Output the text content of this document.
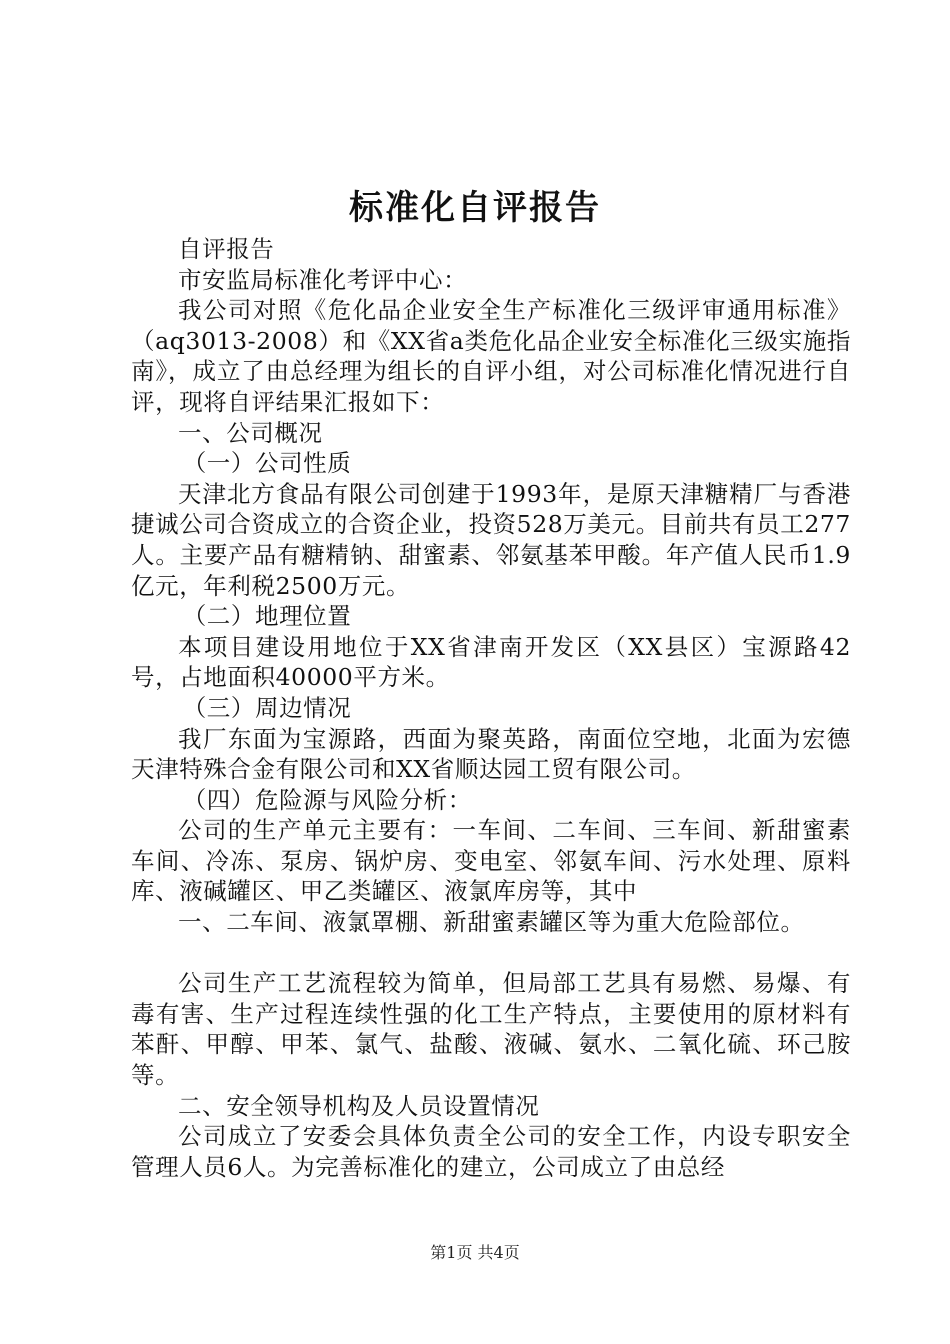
标准化自评报告

自评报告

市安监局标准化考评中心：

我公司对照《危化品企业安全生产标准化三级评审通用标准》（aq3013-2008）和《XX省a类危化品企业安全标准化三级实施指南》，成立了由总经理为组长的自评小组，对公司标准化情况进行自评，现将自评结果汇报如下：

一、公司概况

（一）公司性质

天津北方食品有限公司创建于1993年，是原天津糖精厂与香港捷诚公司合资成立的合资企业，投资528万美元。目前共有员工277人。主要产品有糖精钠、甜蜜素、邻氨基苯甲酸。年产值人民币1.9亿元，年利税2500万元。

（二）地理位置

本项目建设用地位于XX省津南开发区（XX县区）宝源路42号，占地面积40000平方米。

（三）周边情况

我厂东面为宝源路，西面为聚英路，南面位空地，北面为宏德天津特殊合金有限公司和XX省顺达园工贸有限公司。

（四）危险源与风险分析：

公司的生产单元主要有：一车间、二车间、三车间、新甜蜜素车间、冷冻、泵房、锅炉房、变电室、邻氨车间、污水处理、原料库、液碱罐区、甲乙类罐区、液氯库房等，其中

一、二车间、液氯罩棚、新甜蜜素罐区等为重大危险部位。

公司生产工艺流程较为简单，但局部工艺具有易燃、易爆、有毒有害、生产过程连续性强的化工生产特点，主要使用的原材料有苯酐、甲醇、甲苯、氯气、盐酸、液碱、氨水、二氧化硫、环己胺等。

二、安全领导机构及人员设置情况

公司成立了安委会具体负责全公司的安全工作，内设专职安全管理人员6人。为完善标准化的建立，公司成立了由总经

第1页 共4页
